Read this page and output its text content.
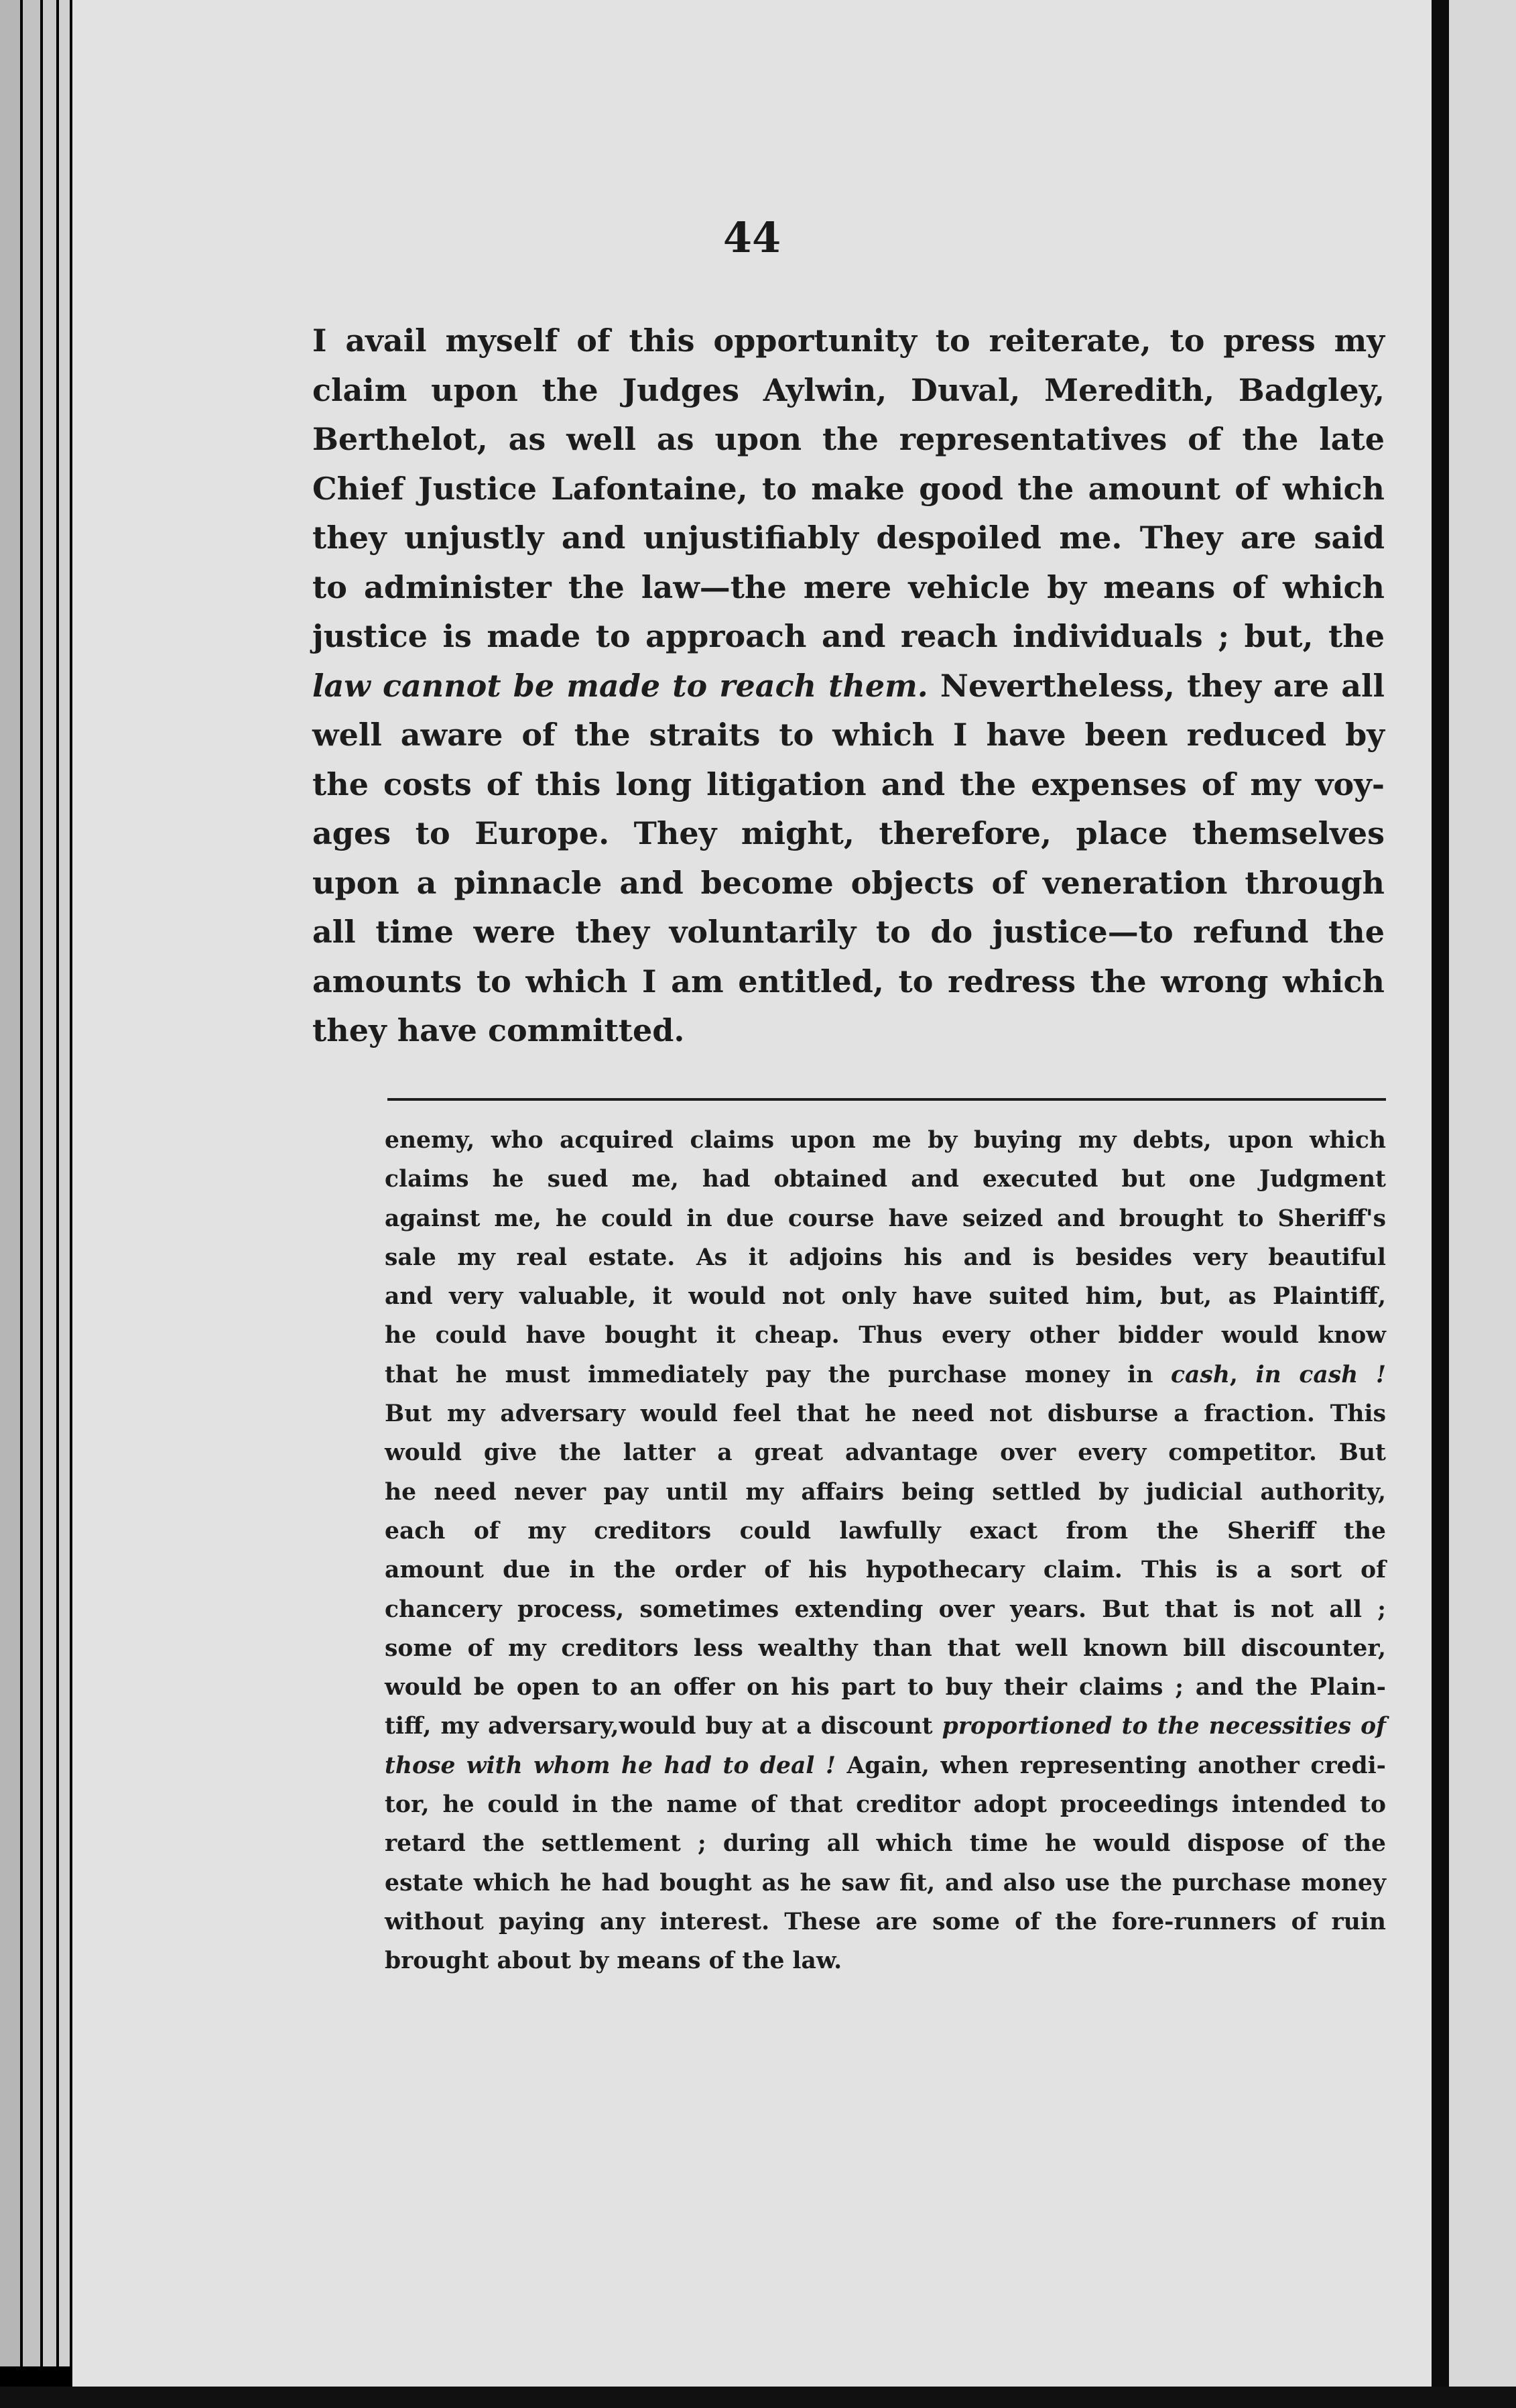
44
I avail myself of this opportunity to reiterate, to press my
claim upon the Judges Aylwin, Duval, Meredith, Badgley,
Berthelot, as well as upon the representatives of the late
Chief Justice Lafontaine, to make good the amount of which
they unjustly and unjustifiably despoiled me. They are said
to administer the law—the mere vehicle by means of which
justice is made to approach and reach individuals ; but, the
law cannot be made to reach them. Nevertheless, they are all
well aware of the straits to which I have been reduced by
the costs of this long litigation and the expenses of my voy-
ages to Europe. They might, therefore, place themselves
upon a pinnacle and become objects of veneration through
all time were they voluntarily to do justice—to refund the
amounts to which I am entitled, to redress the wrong which
they have committed.
enemy, who acquired claims upon me by buying my debts, upon which
claims he sued me, had obtained and executed but one Judgment
against me, he could in due course have seized and brought to Sheriff's
sale my real estate. As it adjoins his and is besides very beautiful
and very valuable, it would not only have suited him, but, as Plaintiff,
he could have bought it cheap. Thus every other bidder would know
that he must immediately pay the purchase money in cash, in cash !
But my adversary would feel that he need not disburse a fraction. This
would give the latter a great advantage over every competitor. But
he need never pay until my affairs being settled by judicial authority,
each of my creditors could lawfully exact from the Sheriff the
amount due in the order of his hypothecary claim. This is a sort of
chancery process, sometimes extending over years. But that is not all ;
some of my creditors less wealthy than that well known bill discounter,
would be open to an offer on his part to buy their claims ; and the Plain-
tiff, my adversary,would buy at a discount proportioned to the necessities of
those with whom he had to deal ! Again, when representing another credi-
tor, he could in the name of that creditor adopt proceedings intended to
retard the settlement ; during all which time he would dispose of the
estate which he had bought as he saw fit, and also use the purchase money
without paying any interest. These are some of the fore-runners of ruin
brought about by means of the law.
